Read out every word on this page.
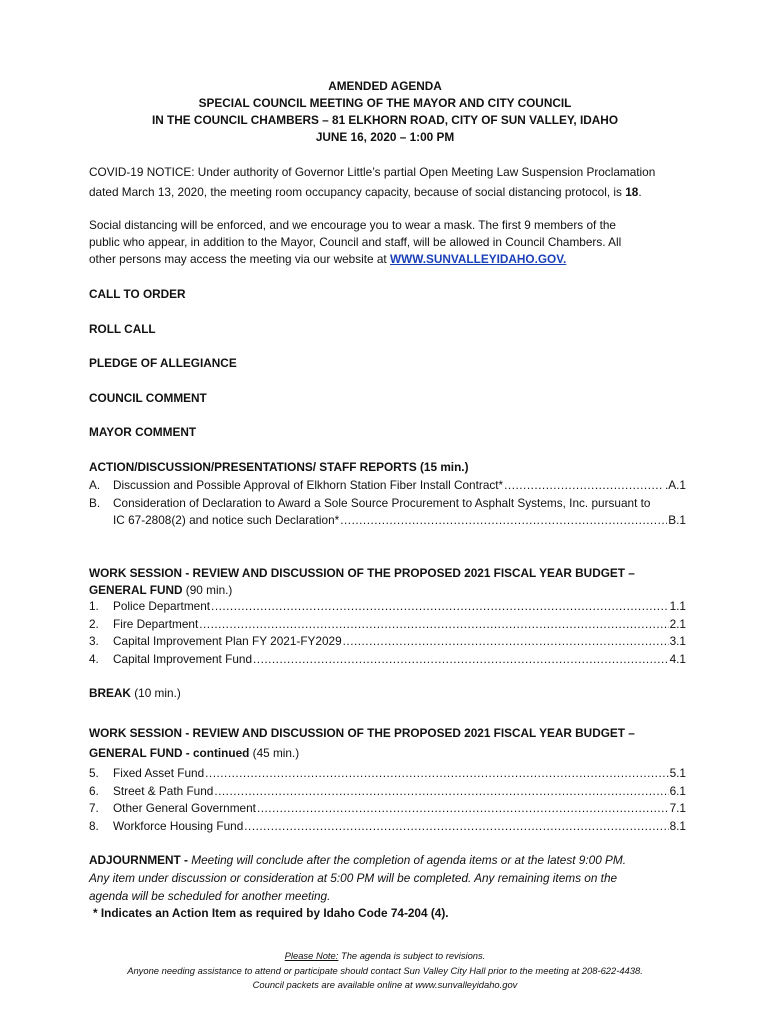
AMENDED AGENDA
SPECIAL COUNCIL MEETING OF THE MAYOR AND CITY COUNCIL
IN THE COUNCIL CHAMBERS – 81 ELKHORN ROAD, CITY OF SUN VALLEY, IDAHO
JUNE 16, 2020 – 1:00 PM
COVID-19 NOTICE: Under authority of Governor Little’s partial Open Meeting Law Suspension Proclamation
dated March 13, 2020, the meeting room occupancy capacity, because of social distancing protocol, is 18.
Social distancing will be enforced, and we encourage you to wear a mask. The first 9 members of the
public who appear, in addition to the Mayor, Council and staff, will be allowed in Council Chambers. All
other persons may access the meeting via our website at WWW.SUNVALLEYIDAHO.GOV.
CALL TO ORDER
ROLL CALL
PLEDGE OF ALLEGIANCE
COUNCIL COMMENT
MAYOR COMMENT
ACTION/DISCUSSION/PRESENTATIONS/ STAFF REPORTS (15 min.)
A. Discussion and Possible Approval of Elkhorn Station Fiber Install Contract* .....	.A.1
B. Consideration of Declaration to Award a Sole Source Procurement to Asphalt Systems, Inc. pursuant to
IC 67-2808(2) and notice such Declaration* .....	B.1
WORK SESSION - REVIEW AND DISCUSSION OF THE PROPOSED 2021 FISCAL YEAR BUDGET –
GENERAL FUND (90 min.)
1. Police Department .....	1.1
2. Fire Department .....	2.1
3. Capital Improvement Plan FY 2021-FY2029 .....	3.1
4. Capital Improvement Fund .....	4.1
BREAK (10 min.)
WORK SESSION - REVIEW AND DISCUSSION OF THE PROPOSED 2021 FISCAL YEAR BUDGET –
GENERAL FUND - continued (45 min.)
5. Fixed Asset Fund .....	5.1
6. Street & Path Fund .....	6.1
7. Other General Government .....	7.1
8. Workforce Housing Fund .....	8.1
ADJOURNMENT - Meeting will conclude after the completion of agenda items or at the latest 9:00 PM.
Any item under discussion or consideration at 5:00 PM will be completed. Any remaining items on the
agenda will be scheduled for another meeting.
* Indicates an Action Item as required by Idaho Code 74-204 (4).
Please Note: The agenda is subject to revisions.
Anyone needing assistance to attend or participate should contact Sun Valley City Hall prior to the meeting at 208-622-4438.
Council packets are available online at www.sunvalleyidaho.gov
